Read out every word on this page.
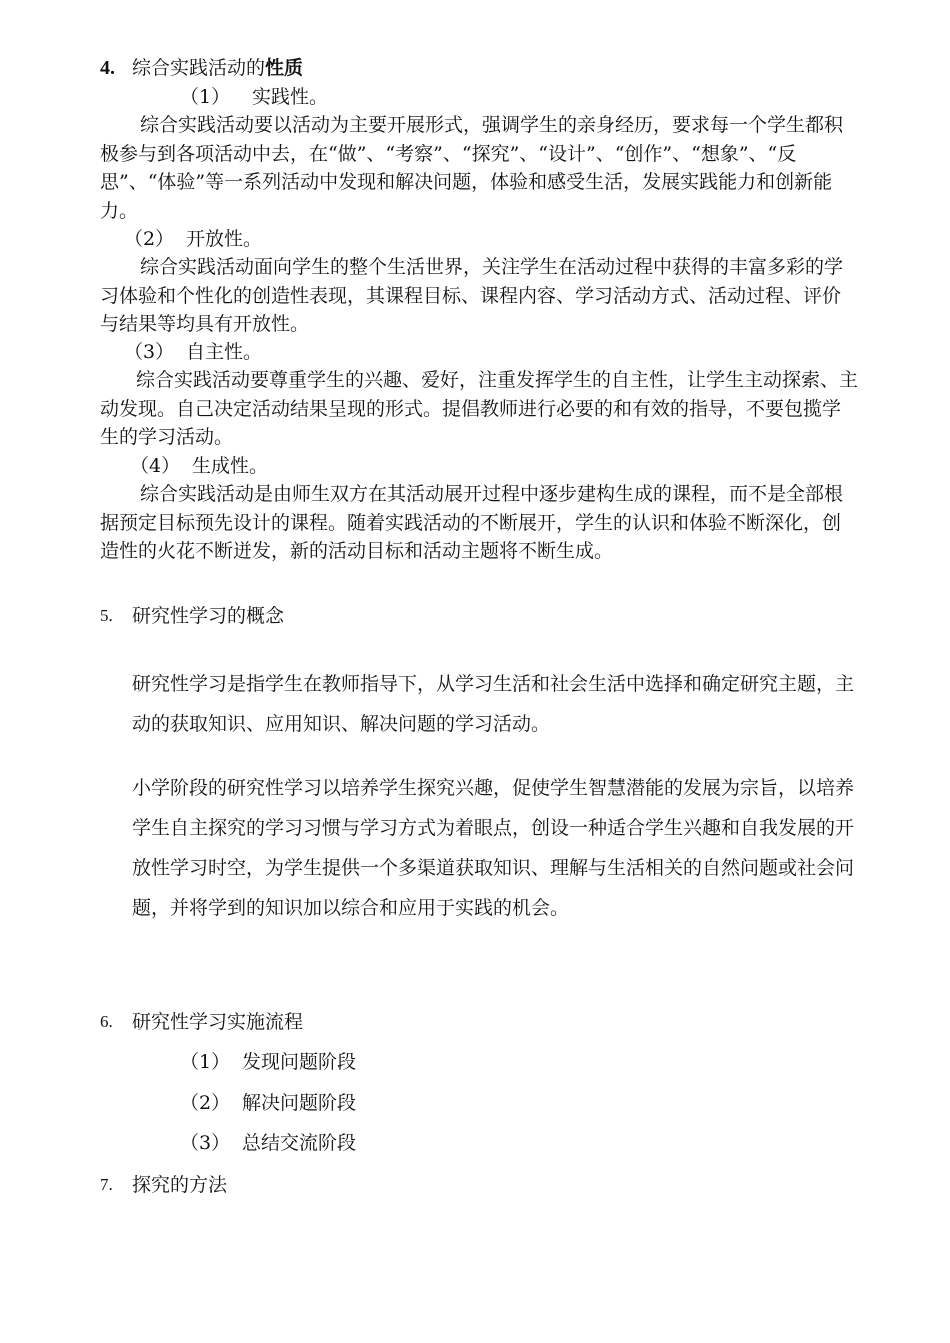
4. 综合实践活动的性质
（1） 实践性。
综合实践活动要以活动为主要开展形式，强调学生的亲身经历，要求每一个学生都积极参与到各项活动中去，在“做”、“考察”、“探究”、“设计”、“创作”、“想象”、“反思”、“体验”等一系列活动中发现和解决问题，体验和感受生活，发展实践能力和创新能力。
（2） 开放性。
综合实践活动面向学生的整个生活世界，关注学生在活动过程中获得的丰富多彩的学习体验和个性化的创造性表现，其课程目标、课程内容、学习活动方式、活动过程、评价与结果等均具有开放性。
（3） 自主性。
综合实践活动要尊重学生的兴趣、爱好，注重发挥学生的自主性，让学生主动探索、主动发现。自己决定活动结果呈现的形式。提倡教师进行必要的和有效的指导，不要包揽学生的学习活动。
（4） 生成性。
综合实践活动是由师生双方在其活动展开过程中逐步建构生成的课程，而不是全部根据预定目标预先设计的课程。随着实践活动的不断展开，学生的认识和体验不断深化，创造性的火花不断迸发，新的活动目标和活动主题将不断生成。
5. 研究性学习的概念
研究性学习是指学生在教师指导下，从学习生活和社会生活中选择和确定研究主题，主动的获取知识、应用知识、解决问题的学习活动。
小学阶段的研究性学习以培养学生探究兴趣，促使学生智慧潜能的发展为宗旨，以培养学生自主探究的学习习惯与学习方式为着眼点，创设一种适合学生兴趣和自我发展的开放性学习时空，为学生提供一个多渠道获取知识、理解与生活相关的自然问题或社会问题，并将学到的知识加以综合和应用于实践的机会。
6. 研究性学习实施流程
（1） 发现问题阶段
（2） 解决问题阶段
（3） 总结交流阶段
7. 探究的方法
